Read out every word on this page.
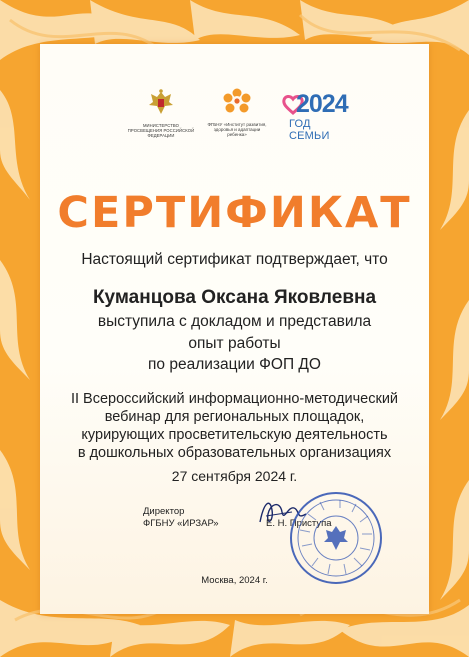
МИНИСТЕРСТВО ПРОСВЕЩЕНИЯ РОССИЙСКОЙ ФЕДЕРАЦИИ
ФГБНУ «Институт развития, здоровья и адаптации ребенка»
2024
ГОД СЕМЬИ
СЕРТИФИКАТ
Настоящий сертификат подтверждает, что
Куманцова Оксана Яковлевна
выступила с докладом и представила
опыт работы
по реализации ФОП ДО
II Всероссийский информационно-методический
вебинар для региональных площадок,
курирующих просветительскую деятельность
в дошкольных образовательных организациях
27 сентября 2024 г.
Директор
ФГБНУ «ИРЗАР»	Е. Н. Приступа
Москва, 2024 г.
